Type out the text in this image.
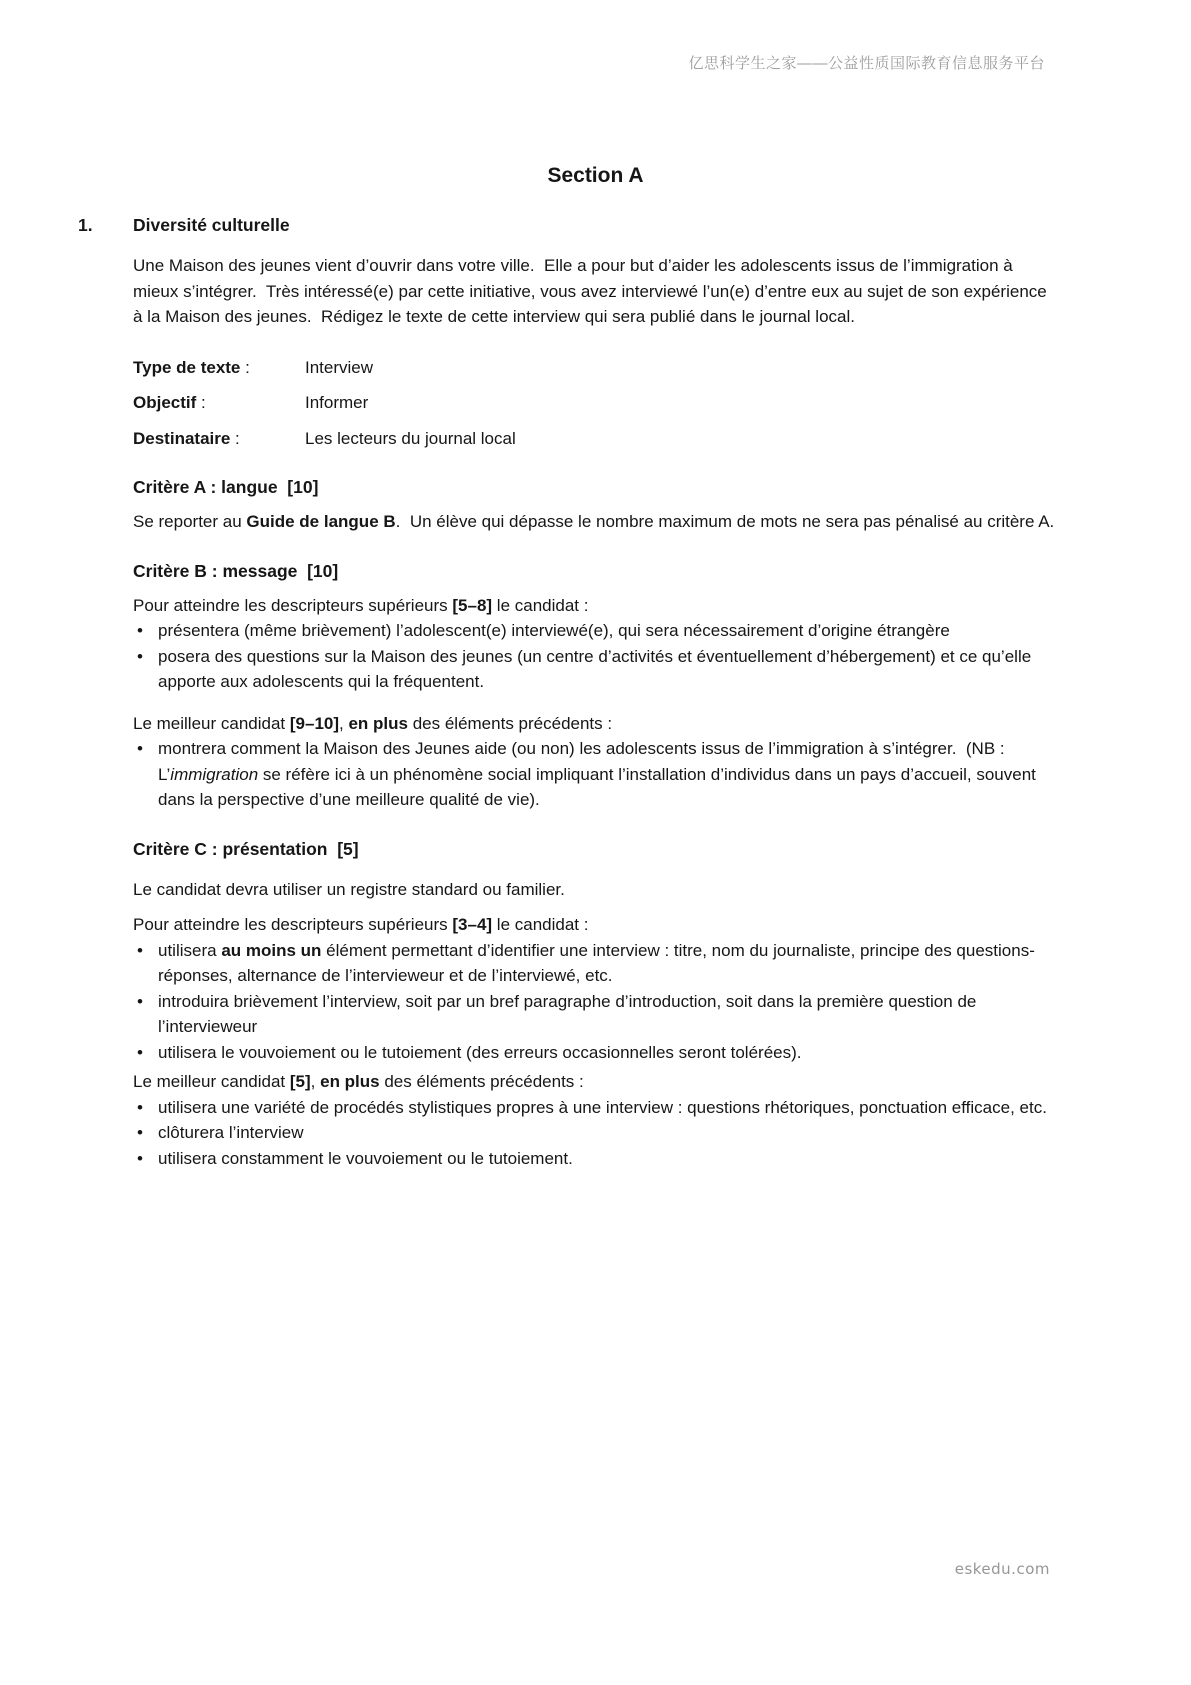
亿思科学生之家——公益性质国际教育信息服务平台
Section A
1. Diversité culturelle

Une Maison des jeunes vient d’ouvrir dans votre ville.  Elle a pour but d’aider les adolescents issus de l’immigration à mieux s’intégrer.  Très intéressé(e) par cette initiative, vous avez interviewé l’un(e) d’entre eux au sujet de son expérience à la Maison des jeunes.  Rédigez le texte de cette interview qui sera publié dans le journal local.

Type de texte :	Interview
Objectif :	Informer
Destinataire :	Les lecteurs du journal local
Critère A : langue  [10]

Se reporter au Guide de langue B.  Un élève qui dépasse le nombre maximum de mots ne sera pas pénalisé au critère A.

Critère B : message  [10]

Pour atteindre les descripteurs supérieurs [5–8] le candidat :

• présentera (même brièvement) l’adolescent(e) interviewé(e), qui sera nécessairement d’origine étrangère
• posera des questions sur la Maison des jeunes (un centre d’activités et éventuellement d’hébergement) et ce qu’elle apporte aux adolescents qui la fréquentent.

Le meilleur candidat [9–10], en plus des éléments précédents :

• montrera comment la Maison des Jeunes aide (ou non) les adolescents issus de l’immigration à s’intégrer.  (NB : L’immigration se réfère ici à un phénomène social impliquant l’installation d’individus dans un pays d’accueil, souvent dans la perspective d’une meilleure qualité de vie).
Critère C : présentation  [5]

Le candidat devra utiliser un registre standard ou familier.

Pour atteindre les descripteurs supérieurs [3–4] le candidat :

• utilisera au moins un élément permettant d’identifier une interview : titre, nom du journaliste, principe des questions-réponses, alternance de l’intervieweur et de l’interviewé, etc.
• introduira brièvement l’interview, soit par un bref paragraphe d’introduction, soit dans la première question de l’intervieweur
• utilisera le vouvoiement ou le tutoiement (des erreurs occasionnelles seront tolérées).

Le meilleur candidat [5], en plus des éléments précédents :

• utilisera une variété de procédés stylistiques propres à une interview : questions rhétoriques, ponctuation efficace, etc.
• clôturera l’interview
• utilisera constamment le vouvoiement ou le tutoiement.
eskedu.com
